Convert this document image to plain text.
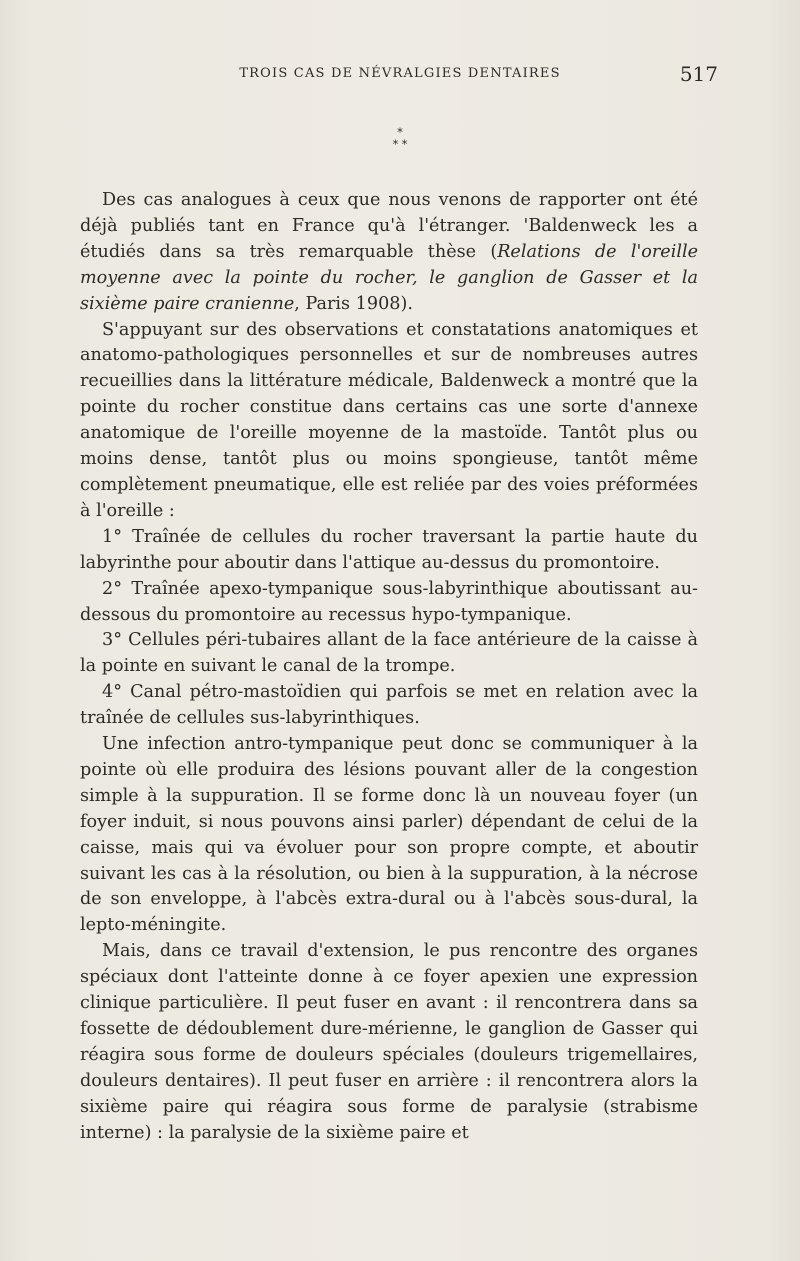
TROIS CAS DE NÉVRALGIES DENTAIRES	517
*
* *

Des cas analogues à ceux que nous venons de rapporter ont été déjà publiés tant en France qu'à l'étranger. 'Baldenweck les a étudiés dans sa très remarquable thèse (Relations de l'oreille moyenne avec la pointe du rocher, le ganglion de Gasser et la sixième paire cranienne, Paris 1908).

S'appuyant sur des observations et constatations anatomiques et anatomo-pathologiques personnelles et sur de nombreuses autres recueillies dans la littérature médicale, Baldenweck a montré que la pointe du rocher constitue dans certains cas une sorte d'annexe anatomique de l'oreille moyenne de la mastoïde. Tantôt plus ou moins dense, tantôt plus ou moins spongieuse, tantôt même complètement pneumatique, elle est reliée par des voies préformées à l'oreille :

1° Traînée de cellules du rocher traversant la partie haute du labyrinthe pour aboutir dans l'attique au-dessus du promontoire.

2° Traînée apexo-tympanique sous-labyrinthique aboutissant au-dessous du promontoire au recessus hypo-tympanique.

3° Cellules péri-tubaires allant de la face antérieure de la caisse à la pointe en suivant le canal de la trompe.

4° Canal pétro-mastoïdien qui parfois se met en relation avec la traînée de cellules sus-labyrinthiques.

Une infection antro-tympanique peut donc se communiquer à la pointe où elle produira des lésions pouvant aller de la congestion simple à la suppuration. Il se forme donc là un nouveau foyer (un foyer induit, si nous pouvons ainsi parler) dépendant de celui de la caisse, mais qui va évoluer pour son propre compte, et aboutir suivant les cas à la résolution, ou bien à la suppuration, à la nécrose de son enveloppe, à l'abcès extra-dural ou à l'abcès sous-dural, la lepto-méningite.

Mais, dans ce travail d'extension, le pus rencontre des organes spéciaux dont l'atteinte donne à ce foyer apexien une expression clinique particulière. Il peut fuser en avant : il rencontrera dans sa fossette de dédoublement dure-mérienne, le ganglion de Gasser qui réagira sous forme de douleurs spéciales (douleurs trigemellaires, douleurs dentaires). Il peut fuser en arrière : il rencontrera alors la sixième paire qui réagira sous forme de paralysie (strabisme interne) : la paralysie de la sixième paire et
